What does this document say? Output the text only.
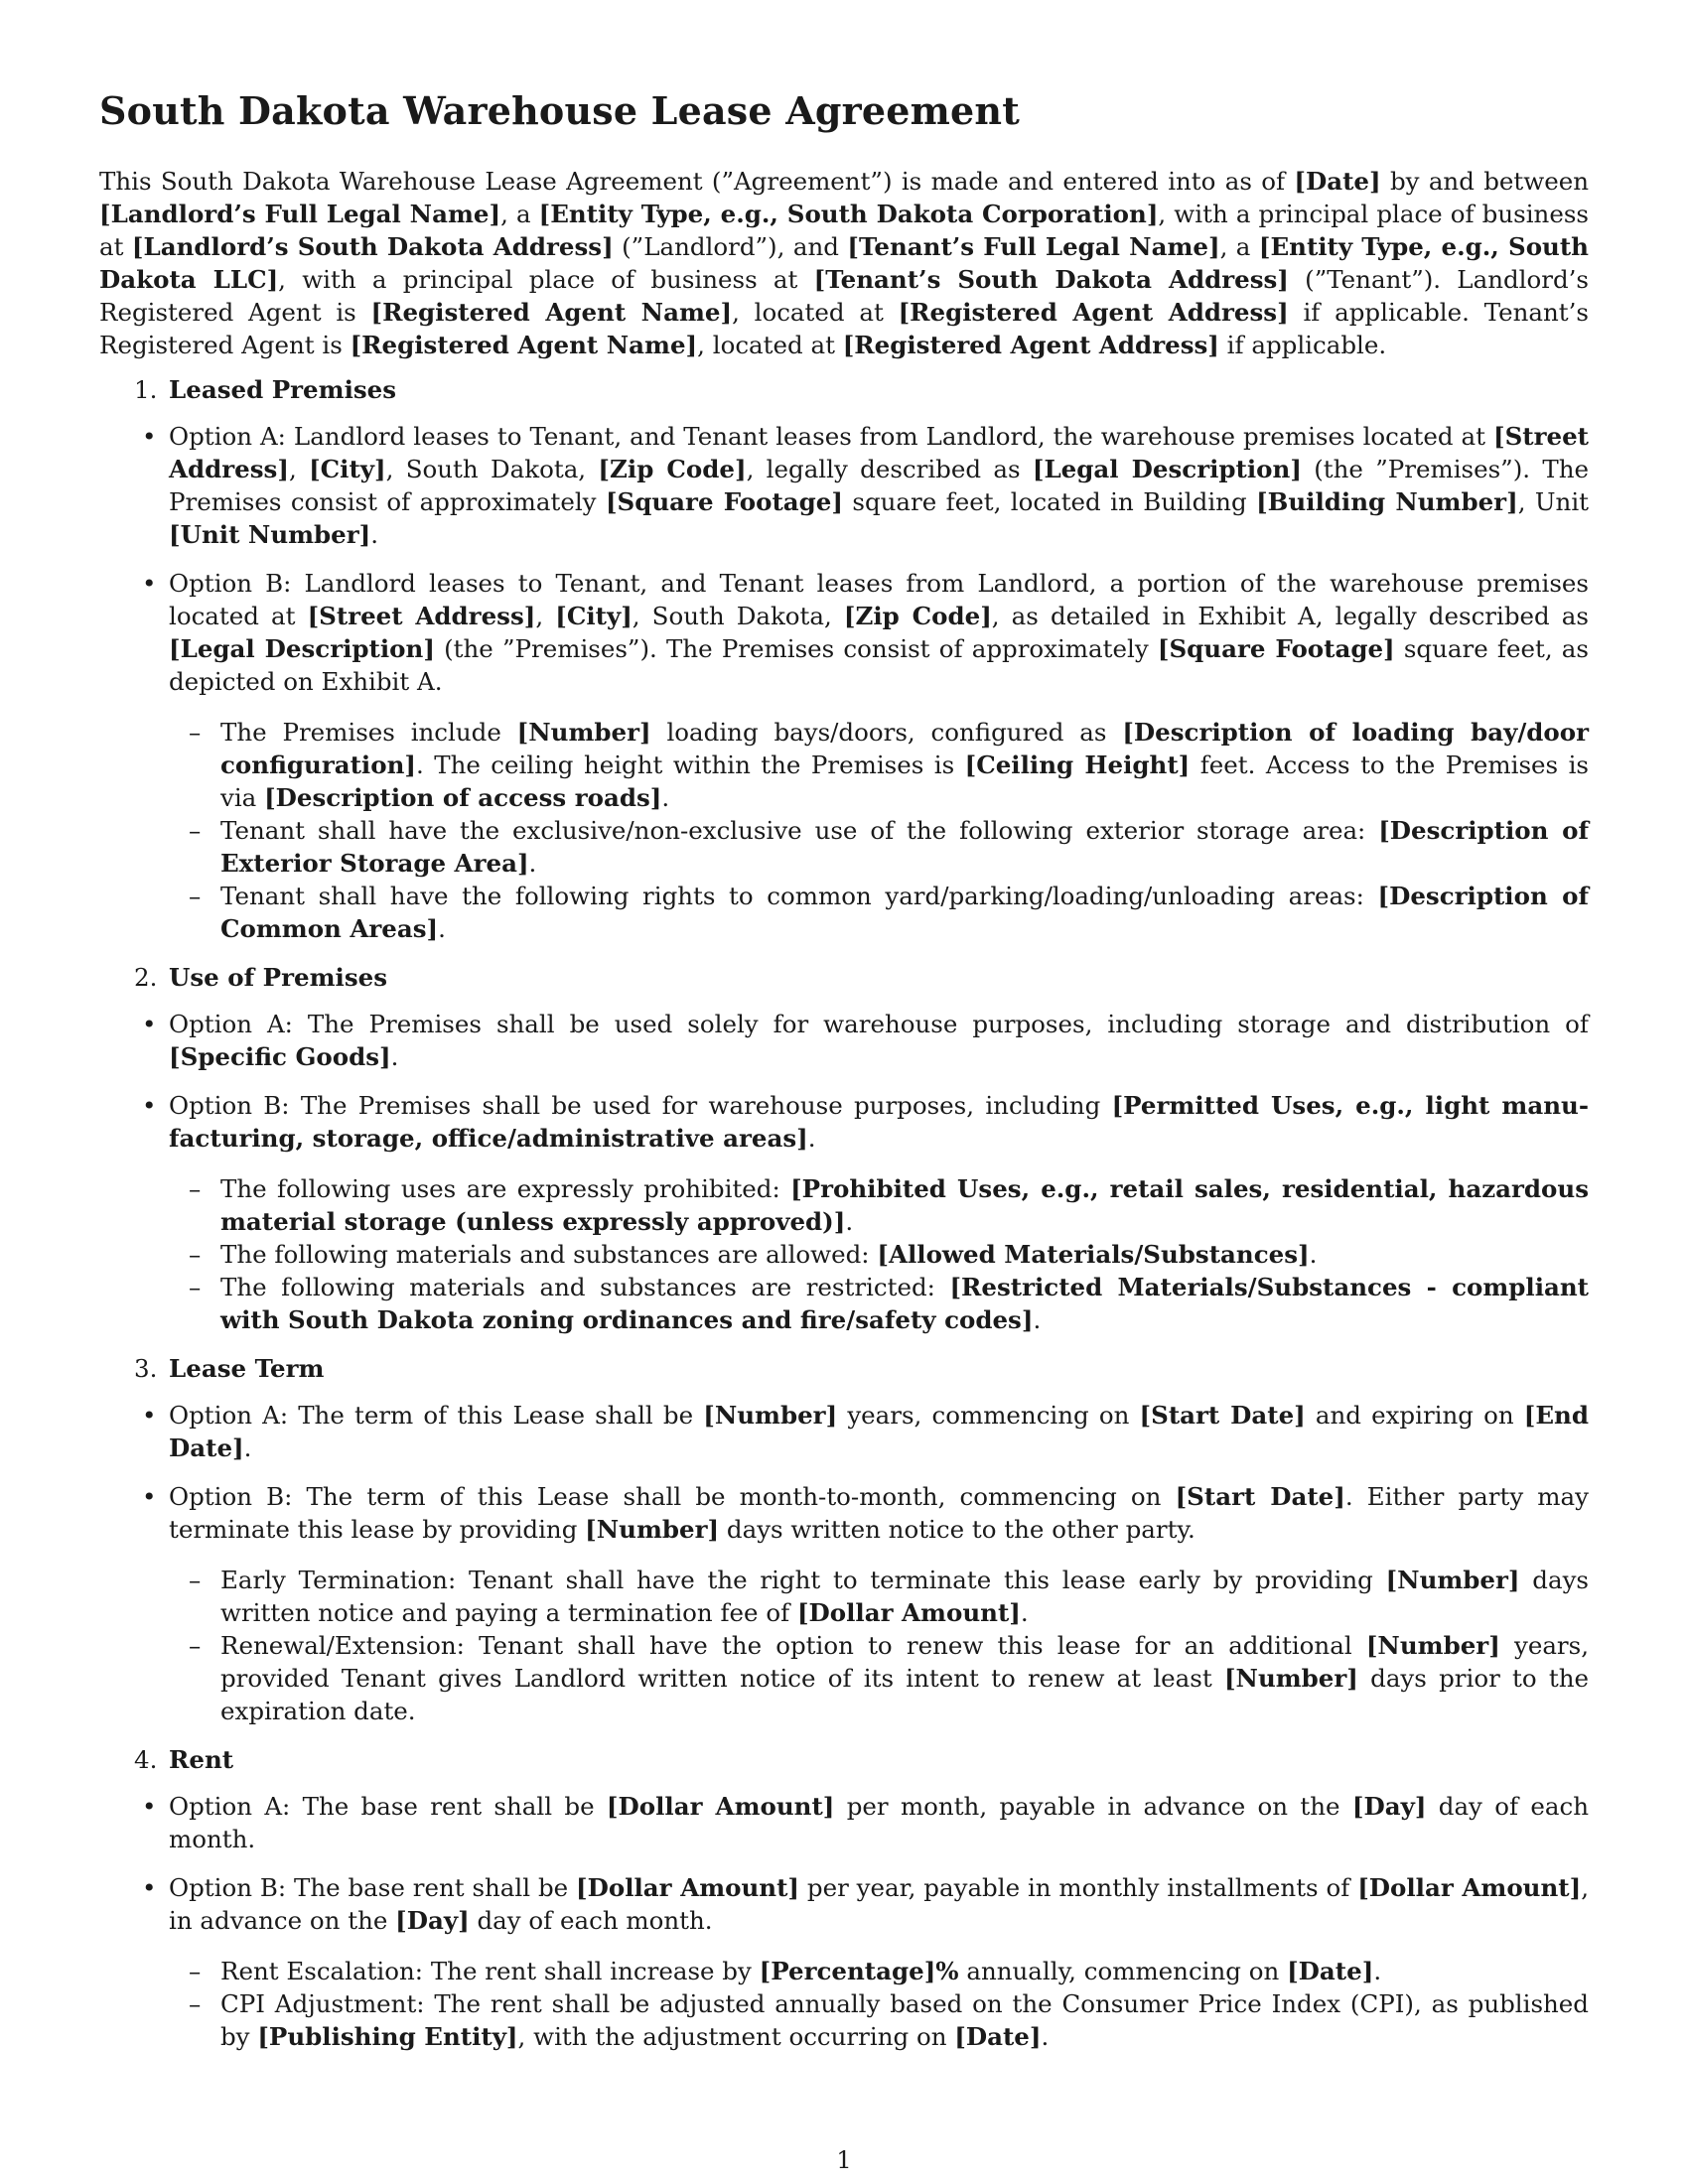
South Dakota Warehouse Lease Agreement

This South Dakota Warehouse Lease Agreement (”Agreement”) is made and entered into as of [Date] by and between [Landlord’s Full Legal Name], a [Entity Type, e.g., South Dakota Corporation], with a principal place of business at [Landlord’s South Dakota Address] (”Landlord”), and [Tenant’s Full Legal Name], a [Entity Type, e.g., South Dakota LLC], with a principal place of business at [Tenant’s South Dakota Address] (”Tenant”). Landlord’s Registered Agent is [Registered Agent Name], located at [Registered Agent Address] if applicable. Tenant’s Registered Agent is [Registered Agent Name], located at [Registered Agent Address] if applicable.

1. Leased Premises
• Option A: Landlord leases to Tenant, and Tenant leases from Landlord, the warehouse premises located at [Street Address], [City], South Dakota, [Zip Code], legally described as [Legal Description] (the ”Premises”). The Premises consist of approximately [Square Footage] square feet, located in Building [Building Number], Unit [Unit Number].
• Option B: Landlord leases to Tenant, and Tenant leases from Landlord, a portion of the warehouse premises located at [Street Address], [City], South Dakota, [Zip Code], as detailed in Exhibit A, legally described as [Legal Description] (the ”Premises”). The Premises consist of approximately [Square Footage] square feet, as depicted on Exhibit A.
– The Premises include [Number] loading bays/doors, configured as [Description of loading bay/door configuration]. The ceiling height within the Premises is [Ceiling Height] feet. Access to the Premises is via [Description of access roads].
– Tenant shall have the exclusive/non-exclusive use of the following exterior storage area: [Description of Exterior Storage Area].
– Tenant shall have the following rights to common yard/parking/loading/unloading areas: [Description of Common Areas].
2. Use of Premises
• Option A: The Premises shall be used solely for warehouse purposes, including storage and distribution of [Specific Goods].
• Option B: The Premises shall be used for warehouse purposes, including [Permitted Uses, e.g., light manufacturing, storage, office/administrative areas].
– The following uses are expressly prohibited: [Prohibited Uses, e.g., retail sales, residential, hazardous material storage (unless expressly approved)].
– The following materials and substances are allowed: [Allowed Materials/Substances].
– The following materials and substances are restricted: [Restricted Materials/Substances - compliant with South Dakota zoning ordinances and fire/safety codes].
3. Lease Term
• Option A: The term of this Lease shall be [Number] years, commencing on [Start Date] and expiring on [End Date].
• Option B: The term of this Lease shall be month-to-month, commencing on [Start Date]. Either party may terminate this lease by providing [Number] days written notice to the other party.
– Early Termination: Tenant shall have the right to terminate this lease early by providing [Number] days written notice and paying a termination fee of [Dollar Amount].
– Renewal/Extension: Tenant shall have the option to renew this lease for an additional [Number] years, provided Tenant gives Landlord written notice of its intent to renew at least [Number] days prior to the expiration date.
4. Rent
• Option A: The base rent shall be [Dollar Amount] per month, payable in advance on the [Day] day of each month.
• Option B: The base rent shall be [Dollar Amount] per year, payable in monthly installments of [Dollar Amount], in advance on the [Day] day of each month.
– Rent Escalation: The rent shall increase by [Percentage]% annually, commencing on [Date].
– CPI Adjustment: The rent shall be adjusted annually based on the Consumer Price Index (CPI), as published by [Publishing Entity], with the adjustment occurring on [Date].
1
